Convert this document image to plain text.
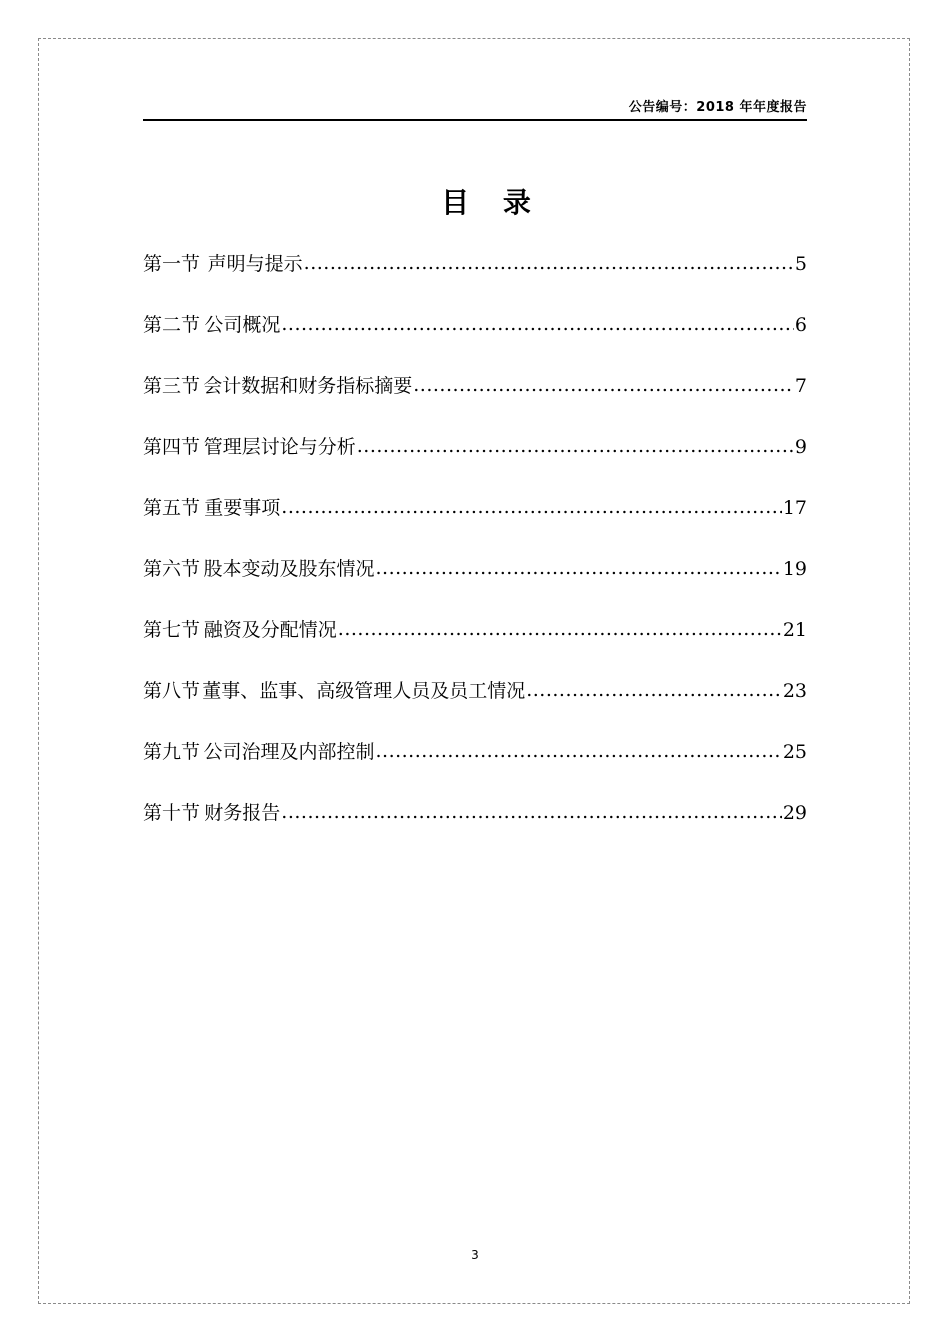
公告编号：2018 年年度报告
目 录
第一节 声明与提示 .....	5
第二节 公司概况 .....	6
第三节 会计数据和财务指标摘要 .....	7
第四节 管理层讨论与分析 .....	9
第五节 重要事项 .....	17
第六节 股本变动及股东情况 .....	19
第七节 融资及分配情况 .....	21
第八节 董事、监事、高级管理人员及员工情况 .....	23
第九节 公司治理及内部控制 .....	25
第十节 财务报告 .....	29
3
